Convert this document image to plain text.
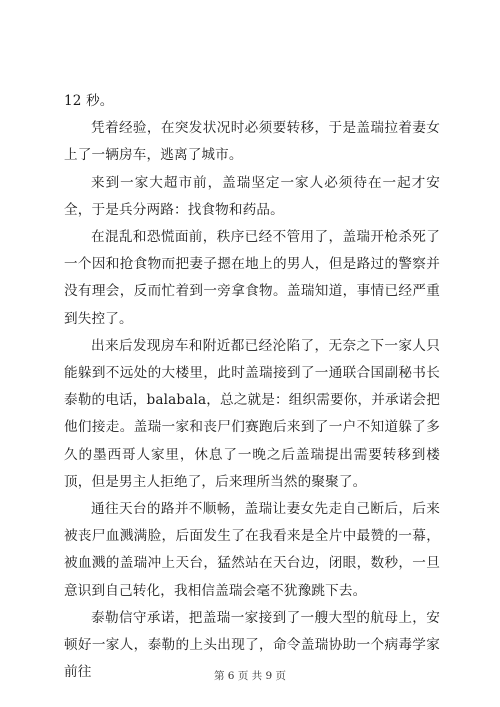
12 秒。

凭着经验，在突发状况时必须要转移，于是盖瑞拉着妻女上了一辆房车，逃离了城市。

来到一家大超市前，盖瑞坚定一家人必须待在一起才安全，于是兵分两路：找食物和药品。

在混乱和恐慌面前，秩序已经不管用了，盖瑞开枪杀死了一个因和抢食物而把妻子摁在地上的男人，但是路过的警察并没有理会，反而忙着到一旁拿食物。盖瑞知道，事情已经严重到失控了。

出来后发现房车和附近都已经沦陷了，无奈之下一家人只能躲到不远处的大楼里，此时盖瑞接到了一通联合国副秘书长泰勒的电话，balabala，总之就是：组织需要你，并承诺会把他们接走。盖瑞一家和丧尸们赛跑后来到了一户不知道躲了多久的墨西哥人家里，休息了一晚之后盖瑞提出需要转移到楼顶，但是男主人拒绝了，后来理所当然的聚聚了。

通往天台的路并不顺畅，盖瑞让妻女先走自己断后，后来被丧尸血溅满脸，后面发生了在我看来是全片中最赞的一幕，被血溅的盖瑞冲上天台，猛然站在天台边，闭眼，数秒，一旦意识到自己转化，我相信盖瑞会毫不犹豫跳下去。

泰勒信守承诺，把盖瑞一家接到了一艘大型的航母上，安顿好一家人，泰勒的上头出现了，命令盖瑞协助一个病毒学家前往	第 6 页 共 9 页
